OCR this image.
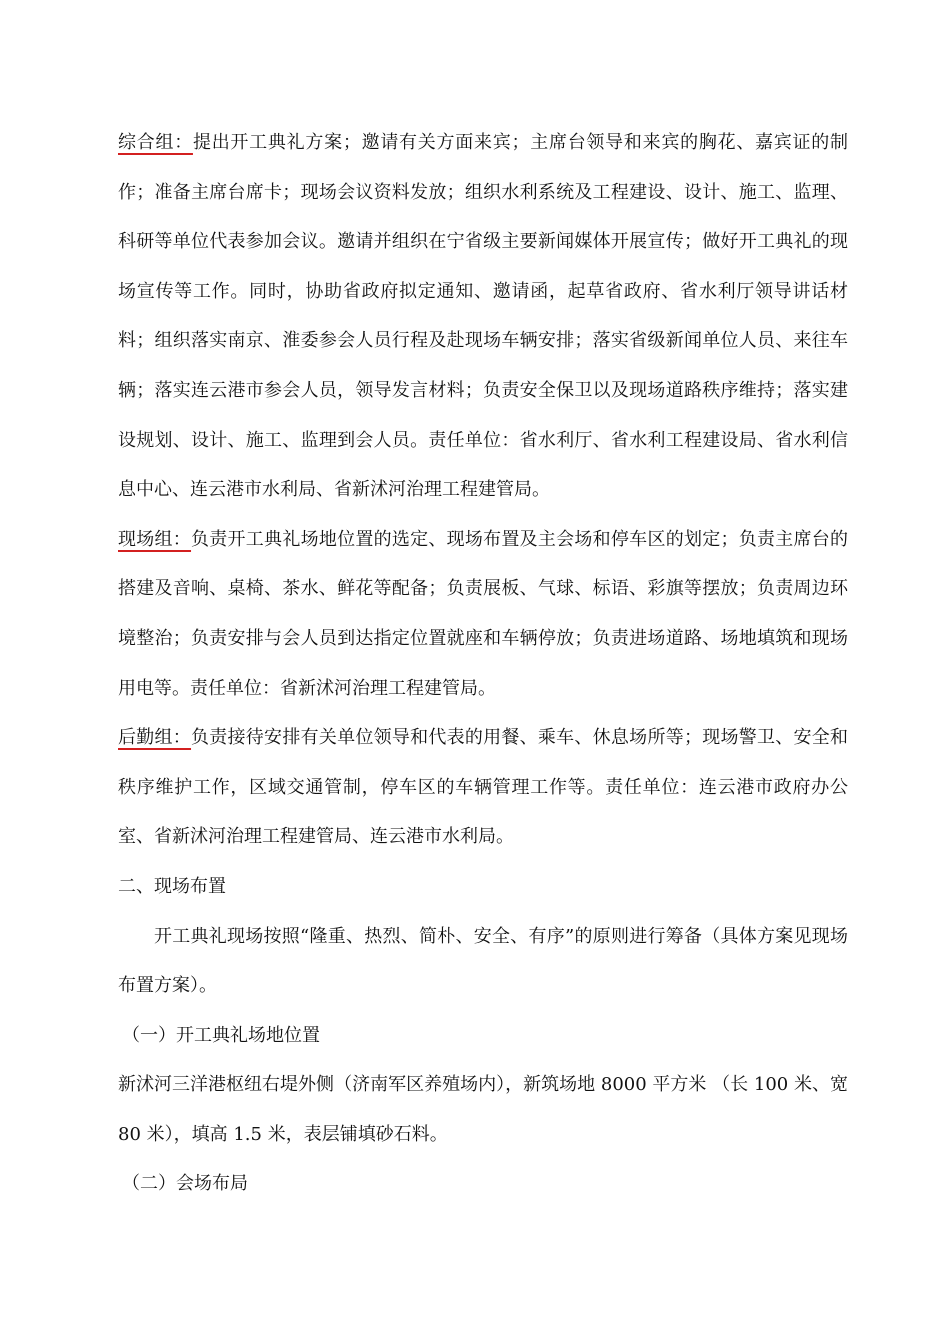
综合组：提出开工典礼方案；邀请有关方面来宾；主席台领导和来宾的胸花、嘉宾证的制作；准备主席台席卡；现场会议资料发放；组织水利系统及工程建设、设计、施工、监理、科研等单位代表参加会议。邀请并组织在宁省级主要新闻媒体开展宣传；做好开工典礼的现场宣传等工作。同时，协助省政府拟定通知、邀请函，起草省政府、省水利厅领导讲话材料；组织落实南京、淮委参会人员行程及赴现场车辆安排；落实省级新闻单位人员、来往车辆；落实连云港市参会人员，领导发言材料；负责安全保卫以及现场道路秩序维持；落实建设规划、设计、施工、监理到会人员。责任单位：省水利厅、省水利工程建设局、省水利信息中心、连云港市水利局、省新沭河治理工程建管局。

现场组：负责开工典礼场地位置的选定、现场布置及主会场和停车区的划定；负责主席台的搭建及音响、桌椅、茶水、鲜花等配备；负责展板、气球、标语、彩旗等摆放；负责周边环境整治；负责安排与会人员到达指定位置就座和车辆停放；负责进场道路、场地填筑和现场用电等。责任单位：省新沭河治理工程建管局。

后勤组：负责接待安排有关单位领导和代表的用餐、乘车、休息场所等；现场警卫、安全和秩序维护工作，区域交通管制，停车区的车辆管理工作等。责任单位：连云港市政府办公室、省新沭河治理工程建管局、连云港市水利局。

二、现场布置

开工典礼现场按照“隆重、热烈、简朴、安全、有序”的原则进行筹备（具体方案见现场布置方案）。

（一）开工典礼场地位置

新沭河三洋港枢纽右堤外侧（济南军区养殖场内），新筑场地 8000 平方米 （长 100 米、宽 80 米），填高 1.5 米，表层铺填砂石料。

（二）会场布局
